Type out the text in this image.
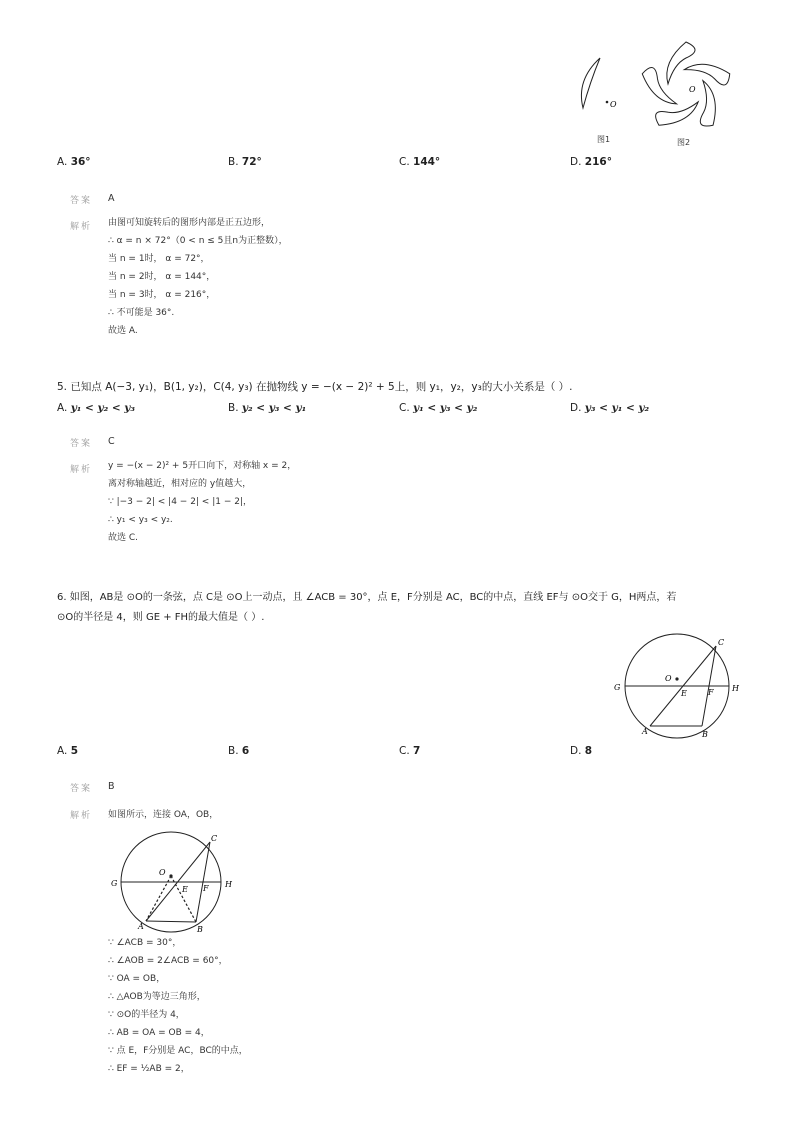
O
图1
O
图2
A. 36°	B. 72°	C. 144°	D. 216°
答案 A
解析 由图可知旋转后的图形内部是正五边形，
∴ α = n × 72°（0 < n ≤ 5且n为正整数），
当 n = 1时， α = 72°，
当 n = 2时， α = 144°，
当 n = 3时， α = 216°，
∴ 不可能是 36°.
故选 A.
5. 已知点 A(−3, y₁)，B(1, y₂)，C(4, y₃) 在抛物线 y = −(x − 2)² + 5上，则 y₁，y₂，y₃的大小关系是（ ）.
A. y₁ < y₂ < y₃	B. y₂ < y₃ < y₁	C. y₁ < y₃ < y₂	D. y₃ < y₁ < y₂
答案 C
解析 y = −(x − 2)² + 5开口向下，对称轴 x = 2，
离对称轴越近，相对应的 y值越大，
∵ |−3 − 2| < |4 − 2| < |1 − 2|，
∴ y₁ < y₃ < y₂.
故选 C.
6. 如图，AB是 ⊙O的一条弦，点 C是 ⊙O上一动点，且 ∠ACB = 30°，点 E，F分别是 AC，BC的中点，直线 EF与 ⊙O交于 G，H两点，若
⊙O的半径是 4，则 GE + FH的最大值是（ ）.
C
O
G	H
E	F
A	B
A. 5	B. 6	C. 7	D. 8
答案 B
解析 如图所示，连接 OA，OB，
C
O
G	H
E F
A	B
∵ ∠ACB = 30°，
∴ ∠AOB = 2∠ACB = 60°，
∵ OA = OB，
∴ △AOB为等边三角形，
∵ ⊙O的半径为 4，
∴ AB = OA = OB = 4，
∵ 点 E，F分别是 AC，BC的中点，
∴ EF = ½AB = 2，
